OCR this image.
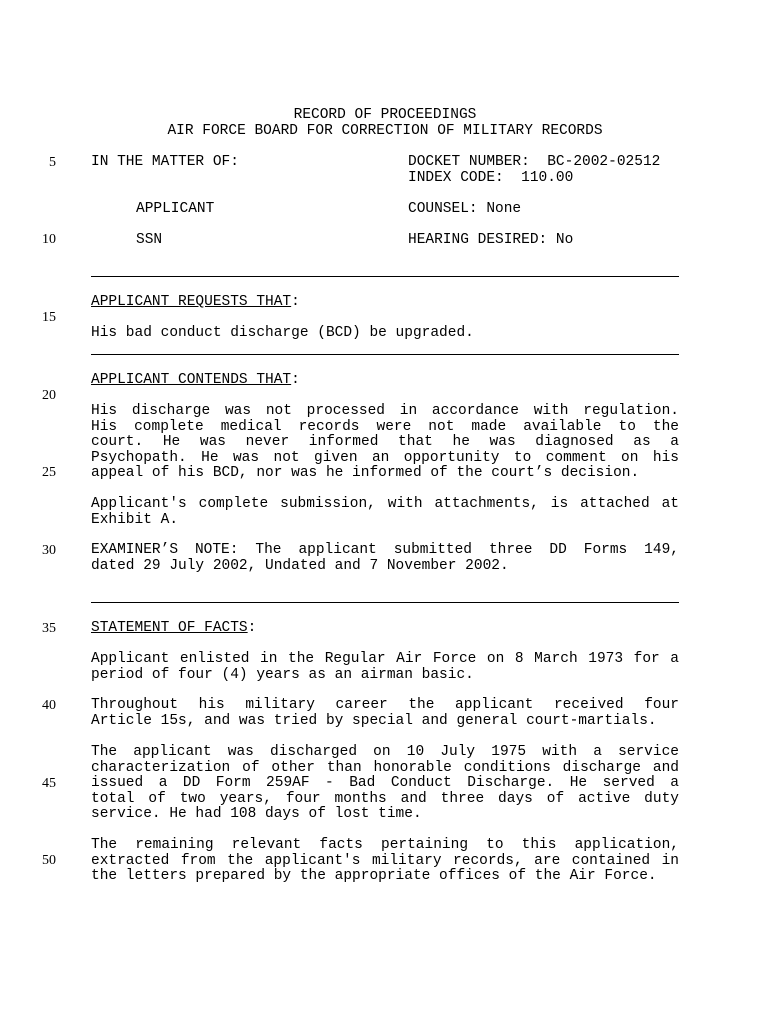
RECORD OF PROCEEDINGS
AIR FORCE BOARD FOR CORRECTION OF MILITARY RECORDS
5
10
15
20
25
30
35
40
45
50
IN THE MATTER OF:	DOCKET NUMBER:  BC-2002-02512
INDEX CODE:  110.00
APPLICANT	COUNSEL: None
SSN	HEARING DESIRED: No
APPLICANT REQUESTS THAT:
His bad conduct discharge (BCD) be upgraded.
APPLICANT CONTENDS THAT:
His discharge was not processed in accordance with regulation.
His complete medical records were not made available to the
court. He was never informed that he was diagnosed as a
Psychopath. He was not given an opportunity to comment on his
appeal of his BCD, nor was he informed of the court’s decision.
Applicant's complete submission, with attachments, is attached at
Exhibit A.
EXAMINER’S NOTE: The applicant submitted three DD Forms 149,
dated 29 July 2002, Undated and 7 November 2002.
STATEMENT OF FACTS:
Applicant enlisted in the Regular Air Force on 8 March 1973 for a
period of four (4) years as an airman basic.
Throughout his military career the applicant received four
Article 15s, and was tried by special and general court-martials.
The applicant was discharged on 10 July 1975 with a service
characterization of other than honorable conditions discharge and
issued a DD Form 259AF - Bad Conduct Discharge. He served a
total of two years, four months and three days of active duty
service. He had 108 days of lost time.
The remaining relevant facts pertaining to this application,
extracted from the applicant's military records, are contained in
the letters prepared by the appropriate offices of the Air Force.
